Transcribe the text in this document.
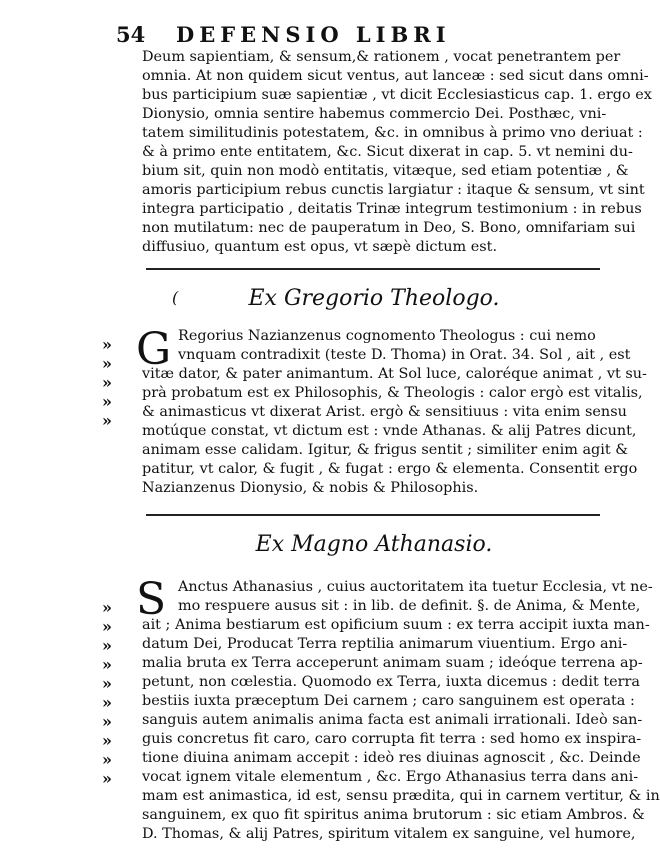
54 DEFENSIO LIBRI
Deum sapientiam, & sensum,& rationem , vocat penetrantem per
omnia. At non quidem sicut ventus, aut lanceæ : sed sicut dans omni-
bus participium suæ sapientiæ , vt dicit Ecclesiasticus cap. 1. ergo ex
Dionysio, omnia sentire habemus commercio Dei. Posthæc, vni-
tatem similitudinis potestatem, &c. in omnibus à primo vno deriuat :
& à primo ente entitatem, &c. Sicut dixerat in cap. 5. vt nemini du-
bium sit, quin non modò entitatis, vitæque, sed etiam potentiæ , &
amoris participium rebus cunctis largiatur : itaque & sensum, vt sint
integra participatio , deitatis Trinæ integrum testimonium : in rebus
non mutilatum: nec de pauperatum in Deo, S. Bono, omnifariam sui
diffusiuo, quantum est opus, vt sæpè dictum est.
(	Ex Gregorio Theologo.
»
»
»
»
»
G Regorius Nazianzenus cognomento Theologus : cui nemo
vnquam contradixit (teste D. Thoma) in Orat. 34. Sol , ait , est
vitæ dator, & pater animantum. At Sol luce, caloréque animat , vt su-
prà probatum est ex Philosophis, & Theologis : calor ergò est vitalis,
& animasticus vt dixerat Arist. ergò & sensitiuus : vita enim sensu
motúque constat, vt dictum est : vnde Athanas. & alij Patres dicunt,
animam esse calidam. Igitur, & frigus sentit ; similiter enim agit &
patitur, vt calor, & fugit , & fugat : ergo & elementa. Consentit ergo
Nazianzenus Dionysio, & nobis & Philosophis.
Ex Magno Athanasio.
»
»
»
»
»
»
»
»
»
»
S Anctus Athanasius , cuius auctoritatem ita tuetur Ecclesia, vt ne-
mo respuere ausus sit : in lib. de definit. §. de Anima, & Mente,
ait ; Anima bestiarum est opificium suum : ex terra accipit iuxta man-
datum Dei, Producat Terra reptilia animarum viuentium. Ergo ani-
malia bruta ex Terra acceperunt animam suam ; ideóque terrena ap-
petunt, non cœlestia. Quomodo ex Terra, iuxta dicemus : dedit terra
bestiis iuxta præceptum Dei carnem ; caro sanguinem est operata :
sanguis autem animalis anima facta est animali irrationali. Ideò san-
guis concretus fit caro, caro corrupta fit terra : sed homo ex inspira-
tione diuina animam accepit : ideò res diuinas agnoscit , &c. Deinde
vocat ignem vitale elementum , &c. Ergo Athanasius terra dans ani-
mam est animastica, id est, sensu prædita, qui in carnem vertitur, & in
sanguinem, ex quo fit spiritus anima brutorum : sic etiam Ambros. &
D. Thomas, & alij Patres, spiritum vitalem ex sanguine, vel humore,
